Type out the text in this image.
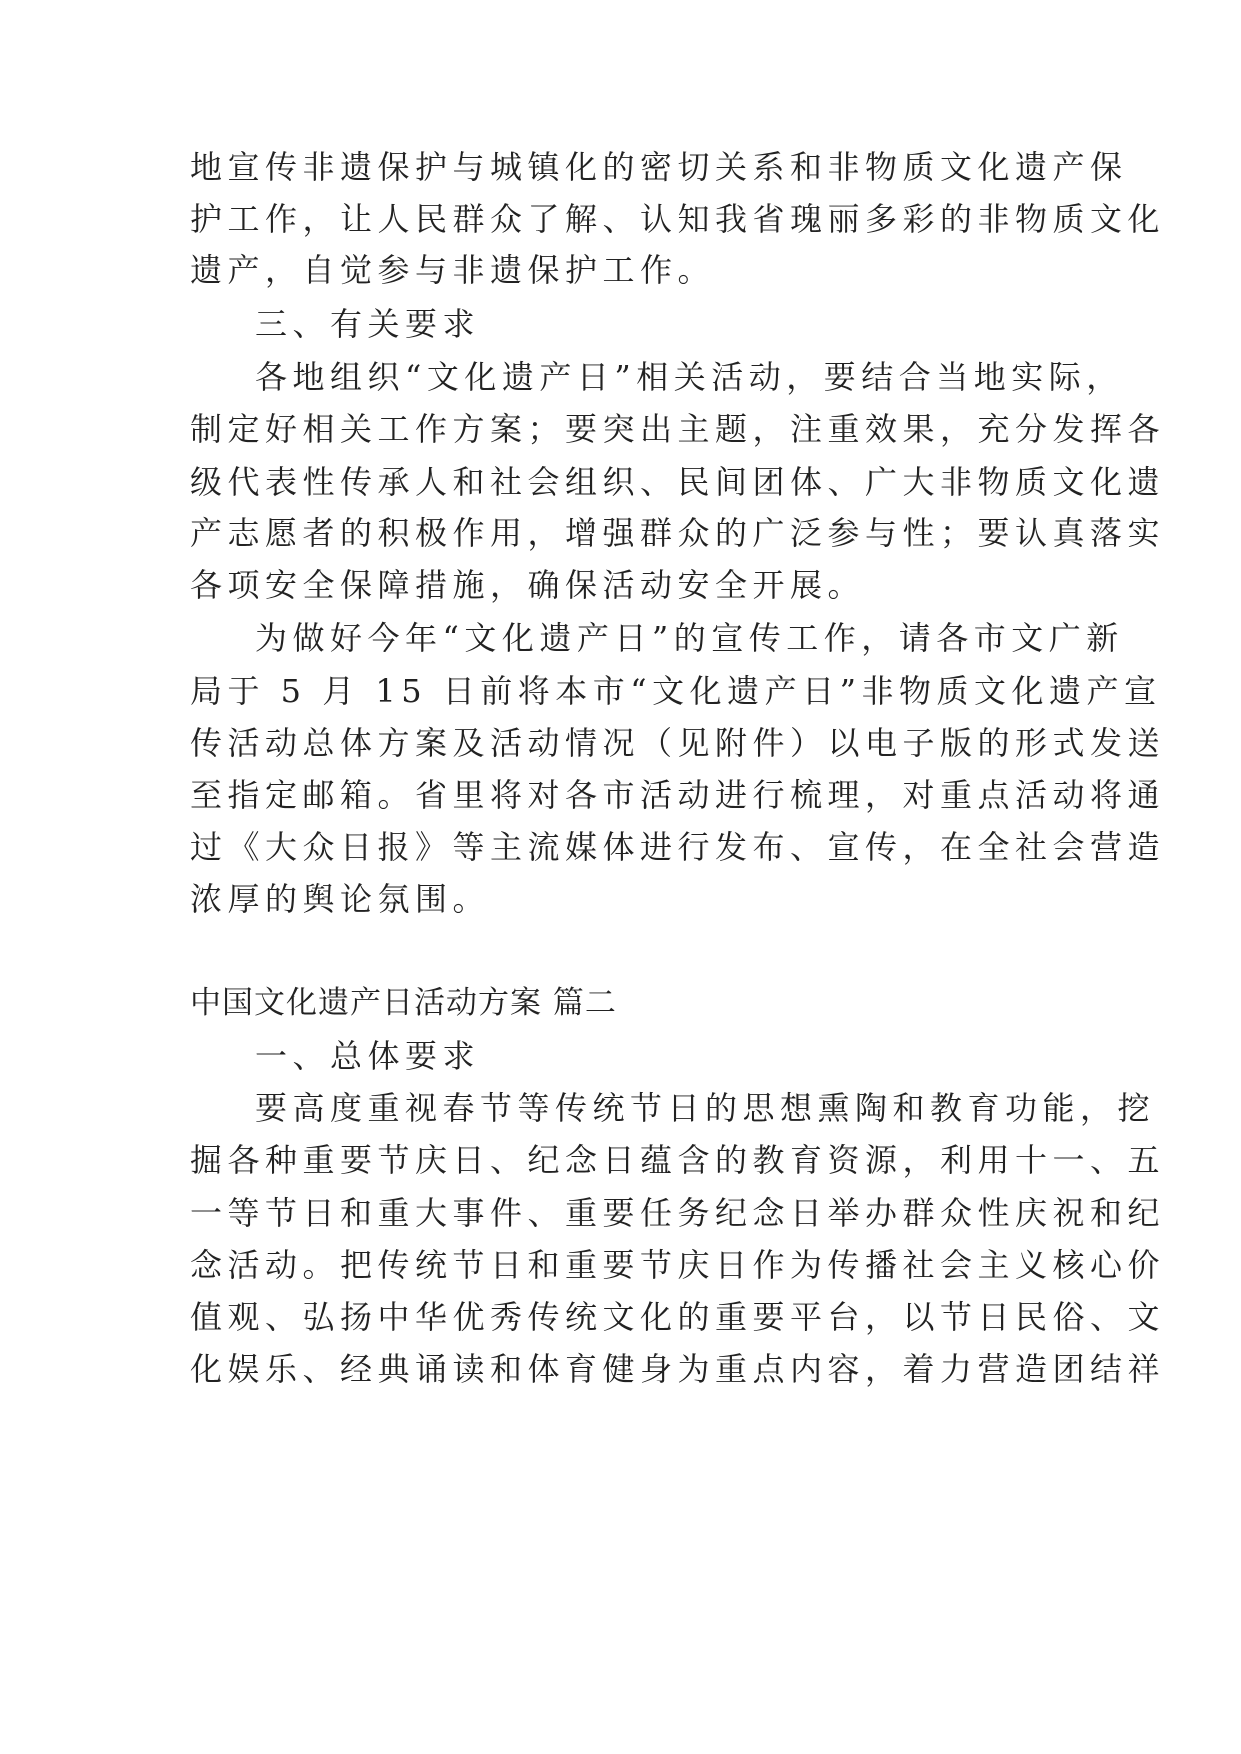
地宣传非遗保护与城镇化的密切关系和非物质文化遗产保

护工作，让人民群众了解、认知我省瑰丽多彩的非物质文化

遗产，自觉参与非遗保护工作。

三、有关要求

各地组织“文化遗产日”相关活动，要结合当地实际，

制定好相关工作方案；要突出主题，注重效果，充分发挥各

级代表性传承人和社会组织、民间团体、广大非物质文化遗

产志愿者的积极作用，增强群众的广泛参与性；要认真落实

各项安全保障措施，确保活动安全开展。

为做好今年“文化遗产日”的宣传工作，请各市文广新

局于 5 月 15 日前将本市“文化遗产日”非物质文化遗产宣

传活动总体方案及活动情况（见附件）以电子版的形式发送

至指定邮箱。省里将对各市活动进行梳理，对重点活动将通

过《大众日报》等主流媒体进行发布、宣传，在全社会营造

浓厚的舆论氛围。

中国文化遗产日活动方案 篇二

一、总体要求

要高度重视春节等传统节日的思想熏陶和教育功能，挖

掘各种重要节庆日、纪念日蕴含的教育资源，利用十一、五

一等节日和重大事件、重要任务纪念日举办群众性庆祝和纪

念活动。把传统节日和重要节庆日作为传播社会主义核心价

值观、弘扬中华优秀传统文化的重要平台，以节日民俗、文

化娱乐、经典诵读和体育健身为重点内容，着力营造团结祥
